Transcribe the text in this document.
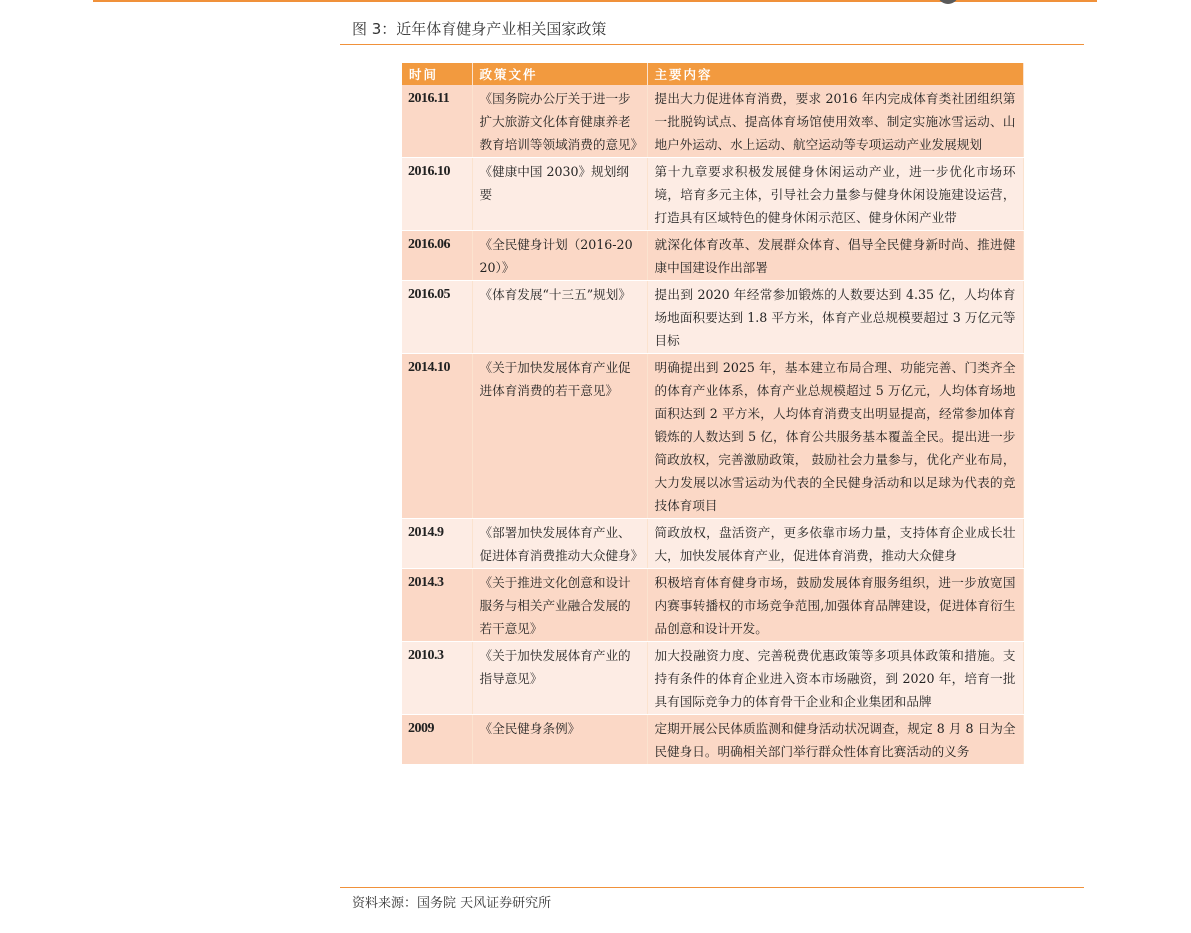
图 3：近年体育健身产业相关国家政策
时间	政策文件	主要内容
2016.11	《国务院办公厅关于进一步扩大旅游文化体育健康养老教育培训等领域消费的意见》	提出大力促进体育消费，要求 2016 年内完成体育类社团组织第一批脱钩试点、提高体育场馆使用效率、制定实施冰雪运动、山地户外运动、水上运动、航空运动等专项运动产业发展规划
2016.10	《健康中国 2030》规划纲要	第十九章要求积极发展健身休闲运动产业，进一步优化市场环境，培育多元主体，引导社会力量参与健身休闲设施建设运营，打造具有区域特色的健身休闲示范区、健身休闲产业带
2016.06	《全民健身计划（2016-2020）》	就深化体育改革、发展群众体育、倡导全民健身新时尚、推进健康中国建设作出部署
2016.05	《体育发展“十三五”规划》	提出到 2020 年经常参加锻炼的人数要达到 4.35 亿，人均体育场地面积要达到 1.8 平方米，体育产业总规模要超过 3 万亿元等目标
2014.10	《关于加快发展体育产业促进体育消费的若干意见》	明确提出到 2025 年，基本建立布局合理、功能完善、门类齐全的体育产业体系，体育产业总规模超过 5 万亿元，人均体育场地面积达到 2 平方米，人均体育消费支出明显提高，经常参加体育锻炼的人数达到 5 亿，体育公共服务基本覆盖全民。提出进一步简政放权，完善激励政策， 鼓励社会力量参与，优化产业布局，大力发展以冰雪运动为代表的全民健身活动和以足球为代表的竞技体育项目
2014.9	《部署加快发展体育产业、促进体育消费推动大众健身》	简政放权，盘活资产，更多依靠市场力量，支持体育企业成长壮大，加快发展体育产业，促进体育消费，推动大众健身
2014.3	《关于推进文化创意和设计服务与相关产业融合发展的若干意见》	积极培育体育健身市场，鼓励发展体育服务组织，进一步放宽国内赛事转播权的市场竞争范围,加强体育品牌建设，促进体育衍生品创意和设计开发。
2010.3	《关于加快发展体育产业的指导意见》	加大投融资力度、完善税费优惠政策等多项具体政策和措施。支持有条件的体育企业进入资本市场融资，到 2020 年，培育一批具有国际竞争力的体育骨干企业和企业集团和品牌
2009	《全民健身条例》	定期开展公民体质监测和健身活动状况调查，规定 8 月 8 日为全民健身日。明确相关部门举行群众性体育比赛活动的义务
资料来源：国务院 天风证券研究所
